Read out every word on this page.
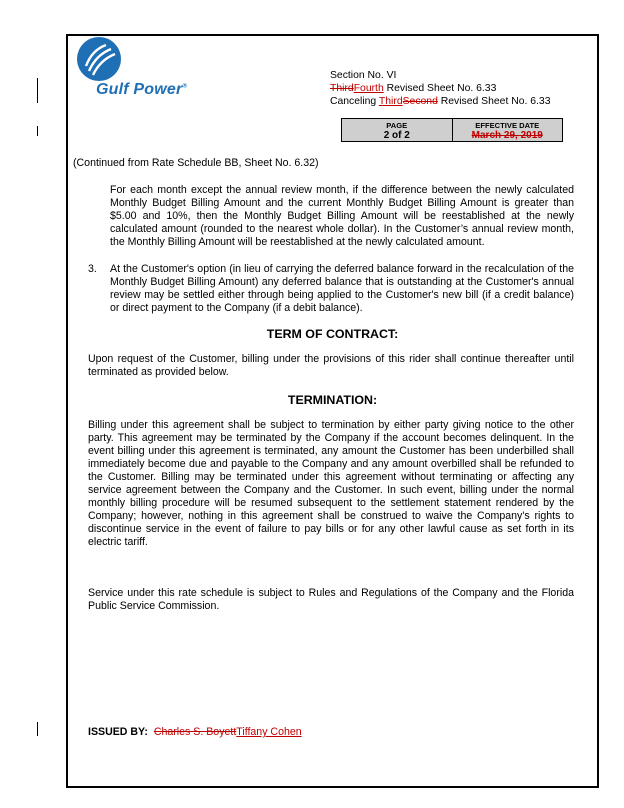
Gulf Power®
Section No. VI
ThirdFourth Revised Sheet No. 6.33
Canceling ThirdSecond Revised Sheet No. 6.33
PAGE
2 of 2
EFFECTIVE DATE
March 29, 2019
(Continued from Rate Schedule BB, Sheet No. 6.32)
For each month except the annual review month, if the difference between the newly calculated Monthly Budget Billing Amount and the current Monthly Budget Billing Amount is greater than $5.00 and 10%, then the Monthly Budget Billing Amount will be reestablished at the newly calculated amount (rounded to the nearest whole dollar). In the Customer’s annual review month, the Monthly Billing Amount will be reestablished at the newly calculated amount.
3. At the Customer's option (in lieu of carrying the deferred balance forward in the recalculation of the Monthly Budget Billing Amount) any deferred balance that is outstanding at the Customer's annual review may be settled either through being applied to the Customer's new bill (if a credit balance) or direct payment to the Company (if a debit balance).
TERM OF CONTRACT:
Upon request of the Customer, billing under the provisions of this rider shall continue thereafter until terminated as provided below.
TERMINATION:
Billing under this agreement shall be subject to termination by either party giving notice to the other party. This agreement may be terminated by the Company if the account becomes delinquent. In the event billing under this agreement is terminated, any amount the Customer has been underbilled shall immediately become due and payable to the Company and any amount overbilled shall be refunded to the Customer. Billing may be terminated under this agreement without terminating or affecting any service agreement between the Company and the Customer. In such event, billing under the normal monthly billing procedure will be resumed subsequent to the settlement statement rendered by the Company; however, nothing in this agreement shall be construed to waive the Company's rights to discontinue service in the event of failure to pay bills or for any other lawful cause as set forth in its electric tariff.
Service under this rate schedule is subject to Rules and Regulations of the Company and the Florida Public Service Commission.
ISSUED BY: Charles S. BoyettTiffany Cohen
